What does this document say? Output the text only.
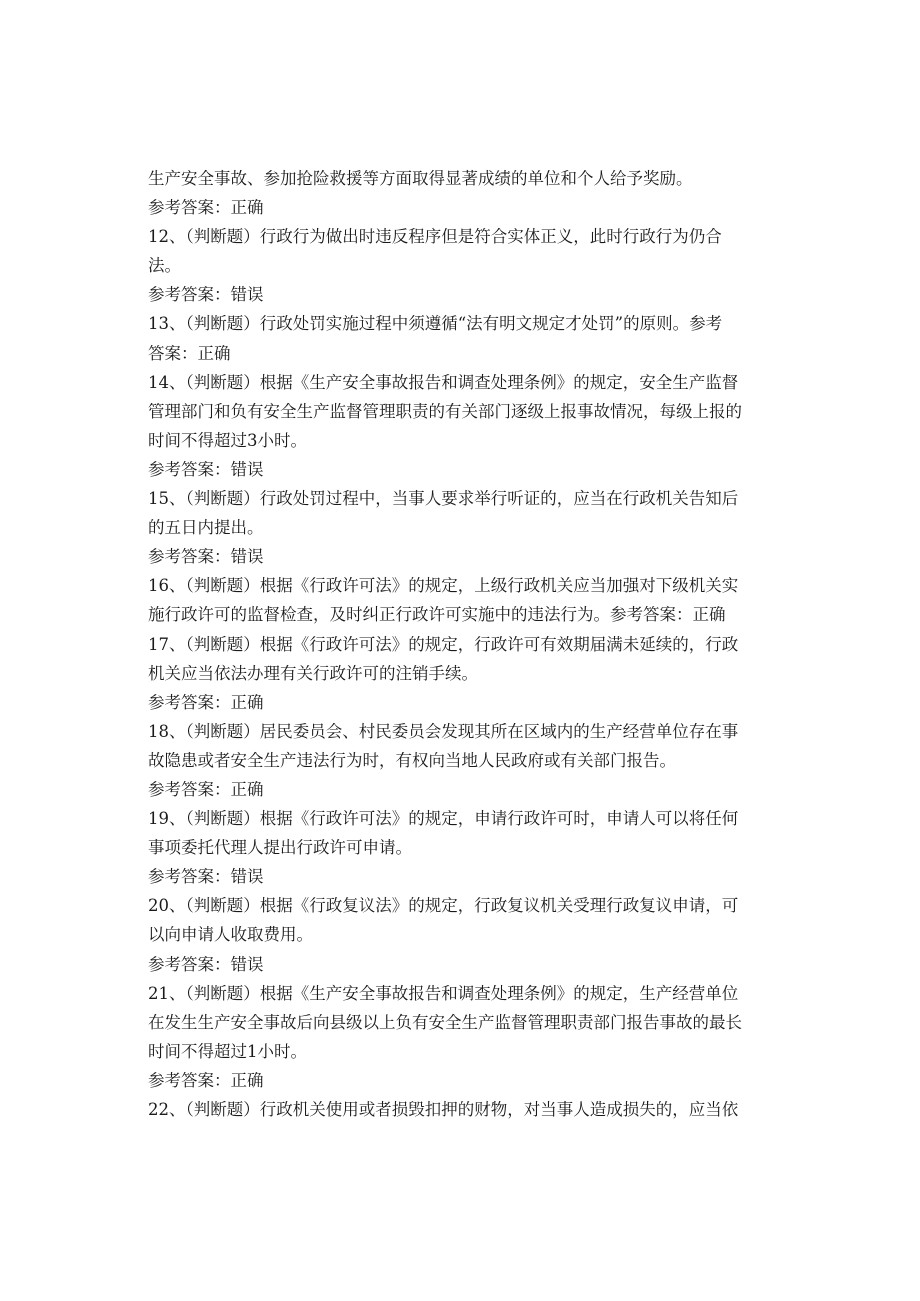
生产安全事故、参加抢险救援等方面取得显著成绩的单位和个人给予奖励。
参考答案：正确
12、（判断题）行政行为做出时违反程序但是符合实体正义，此时行政行为仍合
法。
参考答案：错误
13、（判断题）行政处罚实施过程中须遵循“法有明文规定才处罚”的原则。参考
答案：正确
14、（判断题）根据《生产安全事故报告和调查处理条例》的规定，安全生产监督
管理部门和负有安全生产监督管理职责的有关部门逐级上报事故情况，每级上报的
时间不得超过3小时。
参考答案：错误
15、（判断题）行政处罚过程中，当事人要求举行听证的，应当在行政机关告知后
的五日内提出。
参考答案：错误
16、（判断题）根据《行政许可法》的规定，上级行政机关应当加强对下级机关实
施行政许可的监督检查，及时纠正行政许可实施中的违法行为。参考答案：正确
17、（判断题）根据《行政许可法》的规定，行政许可有效期届满未延续的，行政
机关应当依法办理有关行政许可的注销手续。
参考答案：正确
18、（判断题）居民委员会、村民委员会发现其所在区域内的生产经营单位存在事
故隐患或者安全生产违法行为时，有权向当地人民政府或有关部门报告。
参考答案：正确
19、（判断题）根据《行政许可法》的规定，申请行政许可时，申请人可以将任何
事项委托代理人提出行政许可申请。
参考答案：错误
20、（判断题）根据《行政复议法》的规定，行政复议机关受理行政复议申请，可
以向申请人收取费用。
参考答案：错误
21、（判断题）根据《生产安全事故报告和调查处理条例》的规定，生产经营单位
在发生生产安全事故后向县级以上负有安全生产监督管理职责部门报告事故的最长
时间不得超过1小时。
参考答案：正确
22、（判断题）行政机关使用或者损毁扣押的财物，对当事人造成损失的，应当依
